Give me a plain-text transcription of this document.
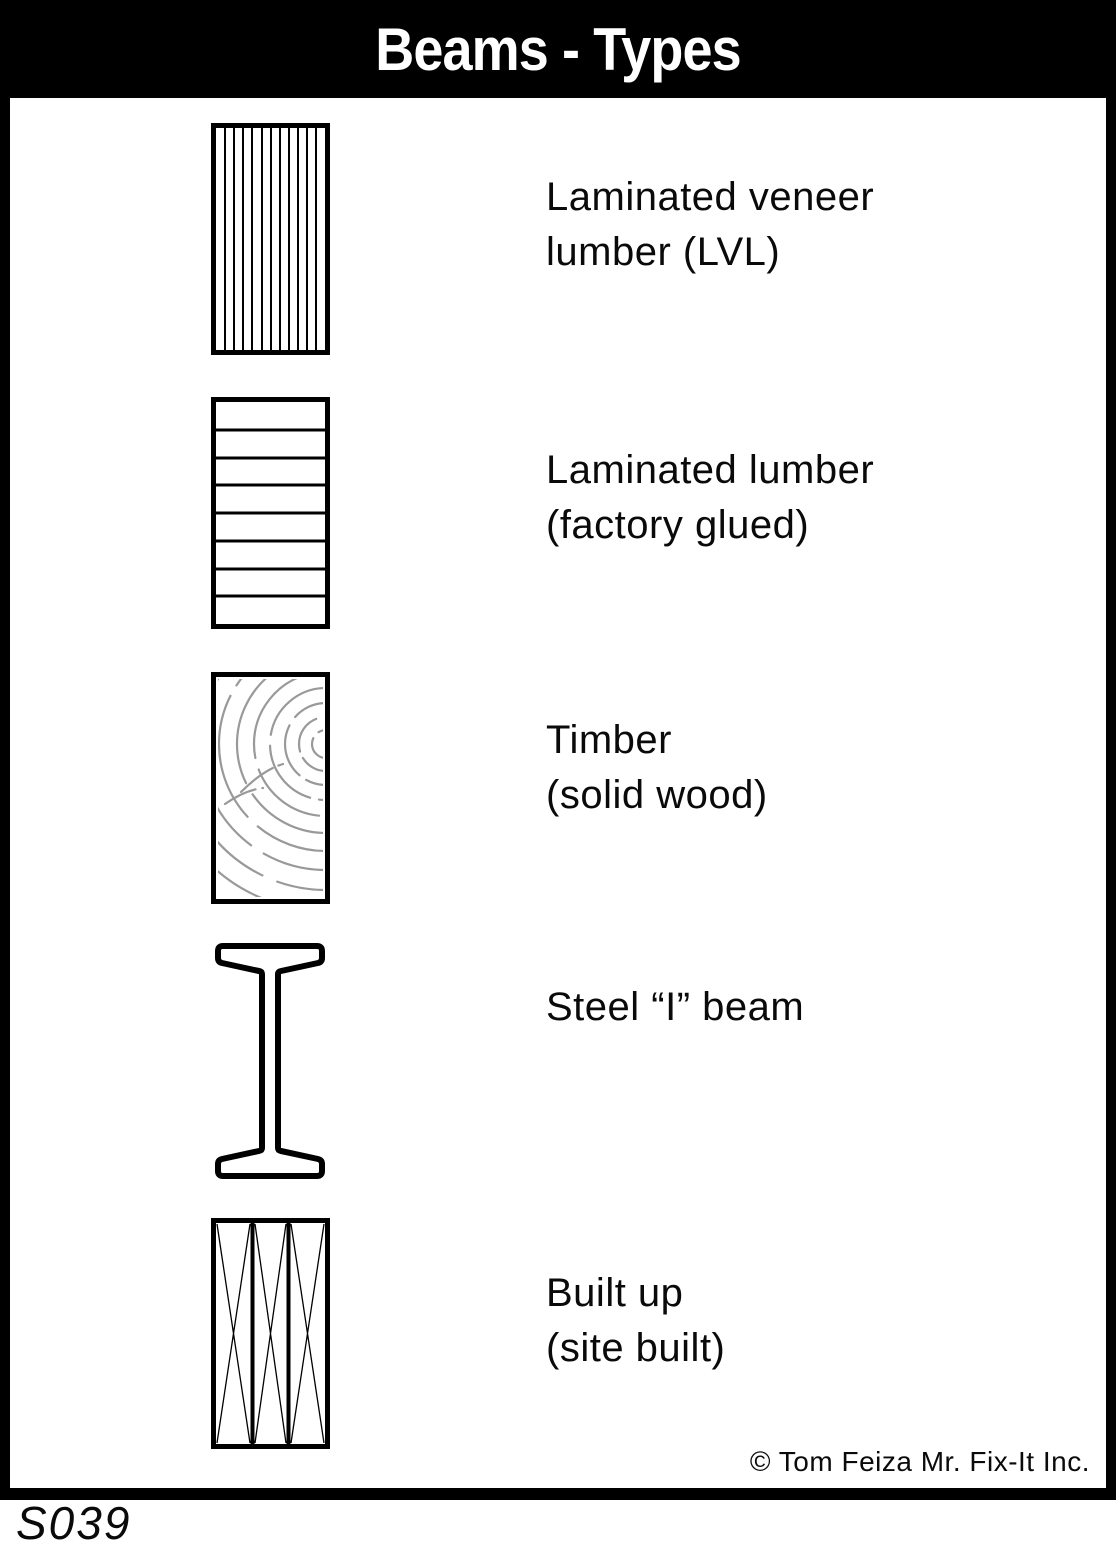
Beams - Types
Laminated veneer
lumber (LVL)
Laminated lumber
(factory glued)
Timber
(solid wood)
Steel “I” beam
Built up
(site built)
© Tom Feiza Mr. Fix-It Inc.
S039
